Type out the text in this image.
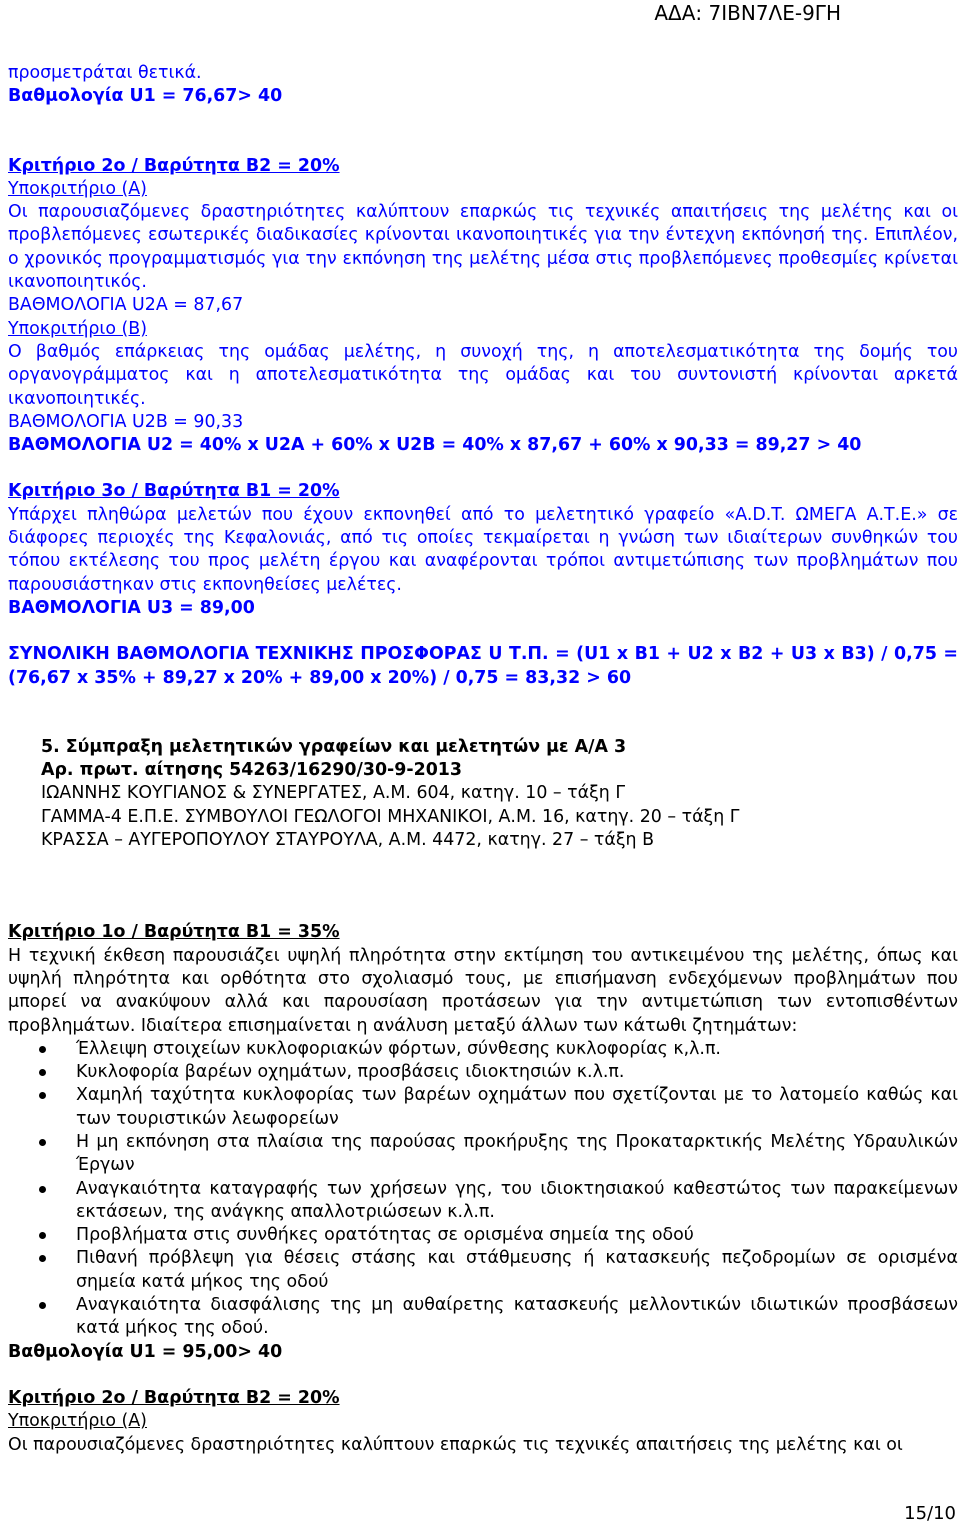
ΑΔΑ: 7ΙΒΝ7ΛΕ-9ΓΗ

προσμετράται θετικά.

Βαθμολογία U1 = 76,67> 40

Κριτήριο 2ο / Βαρύτητα Β2 = 20%

Υποκριτήριο (Α)

Οι παρουσιαζόμενες δραστηριότητες καλύπτουν επαρκώς τις τεχνικές απαιτήσεις της μελέτης και οι προβλεπόμενες εσωτερικές διαδικασίες κρίνονται ικανοποιητικές για την έντεχνη εκπόνησή της. Επιπλέον, ο χρονικός προγραμματισμός για την εκπόνηση της μελέτης μέσα στις προβλεπόμενες προθεσμίες κρίνεται ικανοποιητικός.

ΒΑΘΜΟΛΟΓΙΑ U2A = 87,67

Υποκριτήριο (Β)

Ο βαθμός επάρκειας της ομάδας μελέτης, η συνοχή της, η αποτελεσματικότητα της δομής του οργανογράμματος και η αποτελεσματικότητα της ομάδας και του συντονιστή κρίνονται αρκετά ικανοποιητικές.

ΒΑΘΜΟΛΟΓΙΑ U2B = 90,33

ΒΑΘΜΟΛΟΓΙΑ U2 = 40% x U2A + 60% x U2B = 40% x 87,67 + 60% x 90,33 = 89,27 > 40

Κριτήριο 3ο / Βαρύτητα Β1 = 20%

Υπάρχει πληθώρα μελετών που έχουν εκπονηθεί από το μελετητικό γραφείο «A.D.T. ΩΜΕΓΑ Α.Τ.Ε.» σε διάφορες περιοχές της Κεφαλονιάς, από τις οποίες τεκμαίρεται η γνώση των ιδιαίτερων συνθηκών του τόπου εκτέλεσης του προς μελέτη έργου και αναφέρονται τρόποι αντιμετώπισης των προβλημάτων που παρουσιάστηκαν στις εκπονηθείσες μελέτες.

ΒΑΘΜΟΛΟΓΙΑ U3 = 89,00

ΣΥΝΟΛΙΚΗ ΒΑΘΜΟΛΟΓΙΑ ΤΕΧΝΙΚΗΣ ΠΡΟΣΦΟΡΑΣ U Τ.Π. = (U1 x B1 + U2 x B2 + U3 x B3) / 0,75 = (76,67 x 35% + 89,27 x 20% + 89,00 x 20%) / 0,75 = 83,32 > 60

5. Σύμπραξη μελετητικών γραφείων και μελετητών με Α/Α 3

Αρ. πρωτ. αίτησης 54263/16290/30-9-2013

ΙΩΑΝΝΗΣ ΚΟΥΓΙΑΝΟΣ & ΣΥΝΕΡΓΑΤΕΣ, Α.Μ. 604, κατηγ. 10 – τάξη Γ

ΓΑΜΜΑ-4 Ε.Π.Ε. ΣΥΜΒΟΥΛΟΙ ΓΕΩΛΟΓΟΙ ΜΗΧΑΝΙΚΟΙ, Α.Μ. 16, κατηγ. 20 – τάξη Γ

ΚΡΑΣΣΑ – ΑΥΓΕΡΟΠΟΥΛΟΥ ΣΤΑΥΡΟΥΛΑ, Α.Μ. 4472, κατηγ. 27 – τάξη Β

Κριτήριο 1ο / Βαρύτητα Β1 = 35%

Η τεχνική έκθεση παρουσιάζει υψηλή πληρότητα στην εκτίμηση του αντικειμένου της μελέτης, όπως και υψηλή πληρότητα και ορθότητα στο σχολιασμό τους, με επισήμανση ενδεχόμενων προβλημάτων που μπορεί να ανακύψουν αλλά και παρουσίαση προτάσεων για την αντιμετώπιση των εντοπισθέντων προβλημάτων. Ιδιαίτερα επισημαίνεται η ανάλυση μεταξύ άλλων των κάτωθι ζητημάτων:

Έλλειψη στοιχείων κυκλοφοριακών φόρτων, σύνθεσης κυκλοφορίας κ,λ.π.
Κυκλοφορία βαρέων οχημάτων, προσβάσεις ιδιοκτησιών κ.λ.π.
Χαμηλή ταχύτητα κυκλοφορίας των βαρέων οχημάτων που σχετίζονται με το λατομείο καθώς και των τουριστικών λεωφορείων
Η μη εκπόνηση στα πλαίσια της παρούσας προκήρυξης της Προκαταρκτικής Μελέτης Υδραυλικών Έργων
Αναγκαιότητα καταγραφής των χρήσεων γης, του ιδιοκτησιακού καθεστώτος των παρακείμενων εκτάσεων, της ανάγκης απαλλοτριώσεων κ.λ.π.
Προβλήματα στις συνθήκες ορατότητας σε ορισμένα σημεία της οδού
Πιθανή πρόβλεψη για θέσεις στάσης και στάθμευσης ή κατασκευής πεζοδρομίων σε ορισμένα σημεία κατά μήκος της οδού
Αναγκαιότητα διασφάλισης της μη αυθαίρετης κατασκευής μελλοντικών ιδιωτικών προσβάσεων κατά μήκος της οδού.

Βαθμολογία U1 = 95,00> 40

Κριτήριο 2ο / Βαρύτητα Β2 = 20%

Υποκριτήριο (Α)

Οι παρουσιαζόμενες δραστηριότητες καλύπτουν επαρκώς τις τεχνικές απαιτήσεις της μελέτης και οι

15/10
